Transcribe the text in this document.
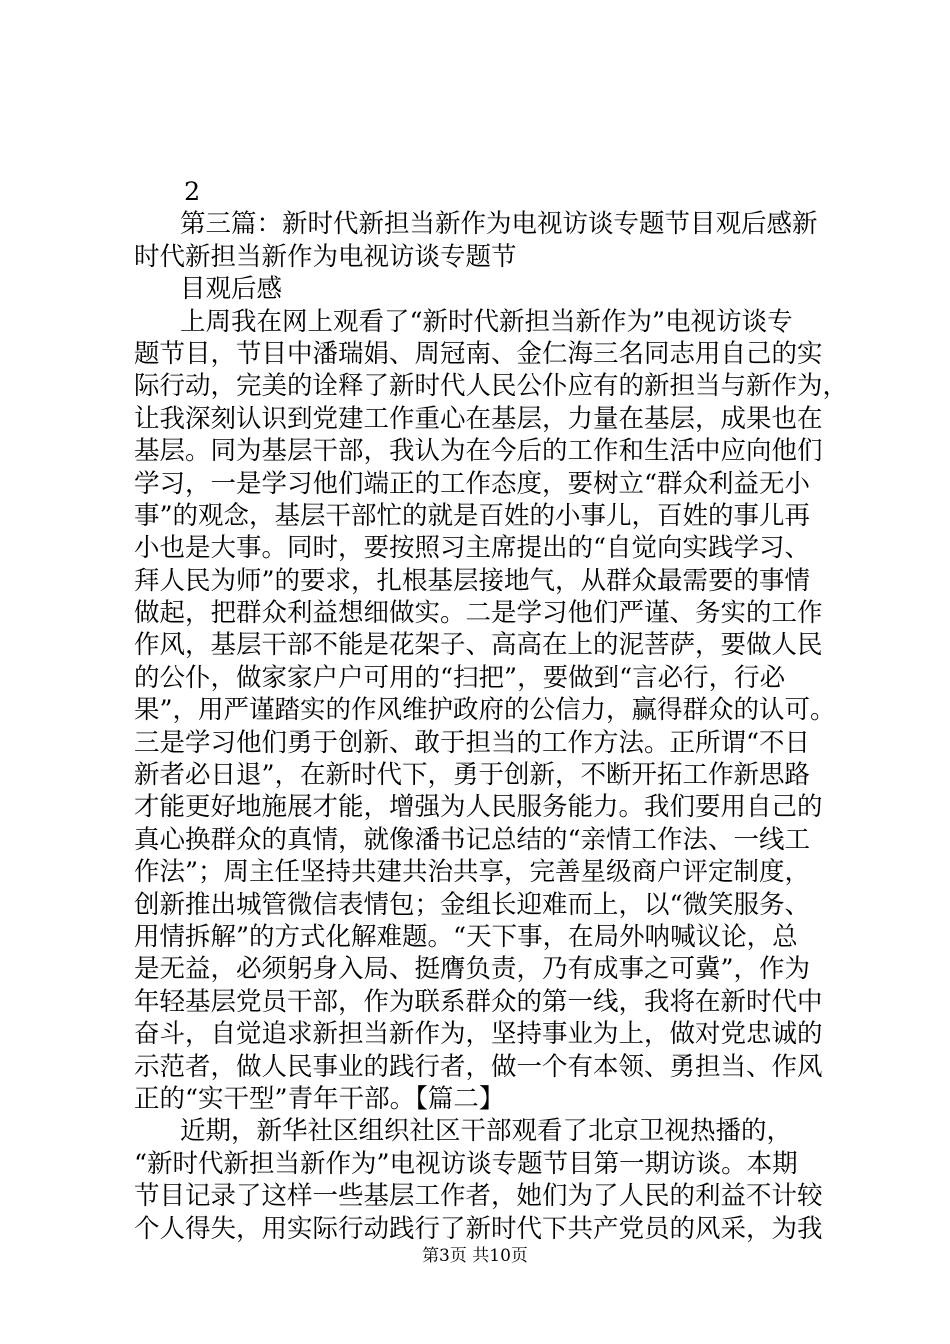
2
第三篇：新时代新担当新作为电视访谈专题节目观后感新
时代新担当新作为电视访谈专题节
目观后感
上周我在网上观看了“新时代新担当新作为”电视访谈专
题节目，节目中潘瑞娟、周冠南、金仁海三名同志用自己的实
际行动，完美的诠释了新时代人民公仆应有的新担当与新作为，
让我深刻认识到党建工作重心在基层，力量在基层，成果也在
基层。同为基层干部，我认为在今后的工作和生活中应向他们
学习，一是学习他们端正的工作态度，要树立“群众利益无小
事”的观念，基层干部忙的就是百姓的小事儿，百姓的事儿再
小也是大事。同时，要按照习主席提出的“自觉向实践学习、
拜人民为师”的要求，扎根基层接地气，从群众最需要的事情
做起，把群众利益想细做实。二是学习他们严谨、务实的工作
作风，基层干部不能是花架子、高高在上的泥菩萨，要做人民
的公仆，做家家户户可用的“扫把”，要做到“言必行，行必
果”，用严谨踏实的作风维护政府的公信力，赢得群众的认可。
三是学习他们勇于创新、敢于担当的工作方法。正所谓“不日
新者必日退”，在新时代下，勇于创新，不断开拓工作新思路
才能更好地施展才能，增强为人民服务能力。我们要用自己的
真心换群众的真情，就像潘书记总结的“亲情工作法、一线工
作法”；周主任坚持共建共治共享，完善星级商户评定制度，
创新推出城管微信表情包；金组长迎难而上，以“微笑服务、
用情拆解”的方式化解难题。“天下事，在局外呐喊议论，总
是无益，必须躬身入局、挺膺负责，乃有成事之可冀”，作为
年轻基层党员干部，作为联系群众的第一线，我将在新时代中
奋斗，自觉追求新担当新作为，坚持事业为上，做对党忠诚的
示范者，做人民事业的践行者，做一个有本领、勇担当、作风
正的“实干型”青年干部。【篇二】
近期，新华社区组织社区干部观看了北京卫视热播的，
“新时代新担当新作为”电视访谈专题节目第一期访谈。本期
节目记录了这样一些基层工作者，她们为了人民的利益不计较
个人得失，用实际行动践行了新时代下共产党员的风采，为我
第3页 共10页
